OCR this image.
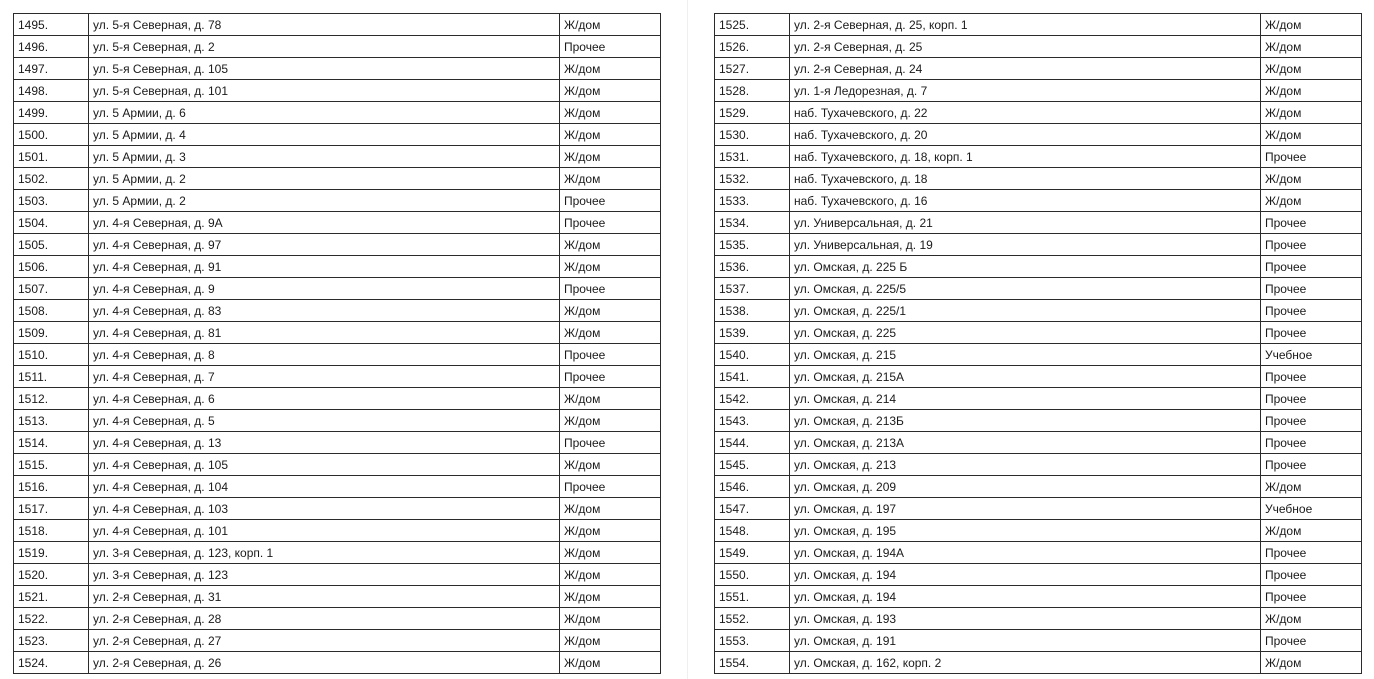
1495.	ул. 5-я Северная, д. 78	Ж/дом
1496.	ул. 5-я Северная, д. 2	Прочее
1497.	ул. 5-я Северная, д. 105	Ж/дом
1498.	ул. 5-я Северная, д. 101	Ж/дом
1499.	ул. 5 Армии, д. 6	Ж/дом
1500.	ул. 5 Армии, д. 4	Ж/дом
1501.	ул. 5 Армии, д. 3	Ж/дом
1502.	ул. 5 Армии, д. 2	Ж/дом
1503.	ул. 5 Армии, д. 2	Прочее
1504.	ул. 4-я Северная, д. 9А	Прочее
1505.	ул. 4-я Северная, д. 97	Ж/дом
1506.	ул. 4-я Северная, д. 91	Ж/дом
1507.	ул. 4-я Северная, д. 9	Прочее
1508.	ул. 4-я Северная, д. 83	Ж/дом
1509.	ул. 4-я Северная, д. 81	Ж/дом
1510.	ул. 4-я Северная, д. 8	Прочее
1511.	ул. 4-я Северная, д. 7	Прочее
1512.	ул. 4-я Северная, д. 6	Ж/дом
1513.	ул. 4-я Северная, д. 5	Ж/дом
1514.	ул. 4-я Северная, д. 13	Прочее
1515.	ул. 4-я Северная, д. 105	Ж/дом
1516.	ул. 4-я Северная, д. 104	Прочее
1517.	ул. 4-я Северная, д. 103	Ж/дом
1518.	ул. 4-я Северная, д. 101	Ж/дом
1519.	ул. 3-я Северная, д. 123, корп. 1	Ж/дом
1520.	ул. 3-я Северная, д. 123	Ж/дом
1521.	ул. 2-я Северная, д. 31	Ж/дом
1522.	ул. 2-я Северная, д. 28	Ж/дом
1523.	ул. 2-я Северная, д. 27	Ж/дом
1524.	ул. 2-я Северная, д. 26	Ж/дом
1525.	ул. 2-я Северная, д. 25, корп. 1	Ж/дом
1526.	ул. 2-я Северная, д. 25	Ж/дом
1527.	ул. 2-я Северная, д. 24	Ж/дом
1528.	ул. 1-я Ледорезная, д. 7	Ж/дом
1529.	наб. Тухачевского, д. 22	Ж/дом
1530.	наб. Тухачевского, д. 20	Ж/дом
1531.	наб. Тухачевского, д. 18, корп. 1	Прочее
1532.	наб. Тухачевского, д. 18	Ж/дом
1533.	наб. Тухачевского, д. 16	Ж/дом
1534.	ул. Универсальная, д. 21	Прочее
1535.	ул. Универсальная, д. 19	Прочее
1536.	ул. Омская, д. 225 Б	Прочее
1537.	ул. Омская, д. 225/5	Прочее
1538.	ул. Омская, д. 225/1	Прочее
1539.	ул. Омская, д. 225	Прочее
1540.	ул. Омская, д. 215	Учебное
1541.	ул. Омская, д. 215А	Прочее
1542.	ул. Омская, д. 214	Прочее
1543.	ул. Омская, д. 213Б	Прочее
1544.	ул. Омская, д. 213А	Прочее
1545.	ул. Омская, д. 213	Прочее
1546.	ул. Омская, д. 209	Ж/дом
1547.	ул. Омская, д. 197	Учебное
1548.	ул. Омская, д. 195	Ж/дом
1549.	ул. Омская, д. 194А	Прочее
1550.	ул. Омская, д. 194	Прочее
1551.	ул. Омская, д. 194	Прочее
1552.	ул. Омская, д. 193	Ж/дом
1553.	ул. Омская, д. 191	Прочее
1554.	ул. Омская, д. 162, корп. 2	Ж/дом
